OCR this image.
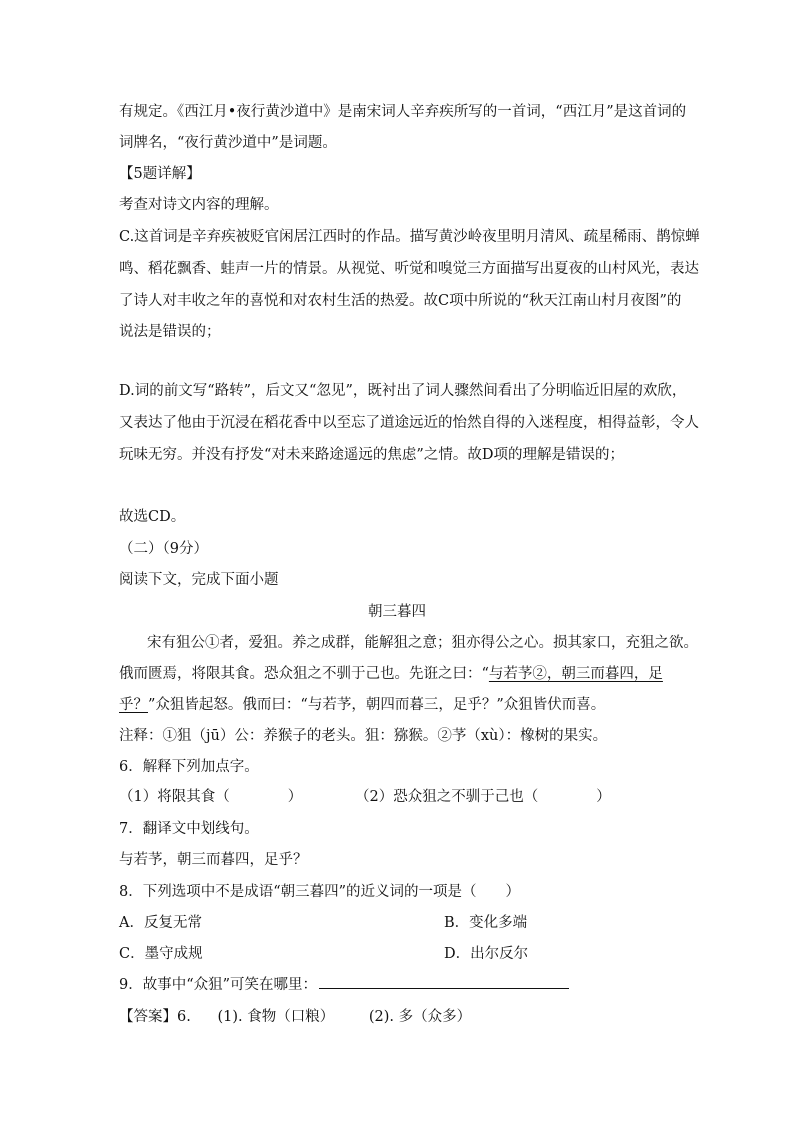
有规定。《西江月•夜行黄沙道中》是南宋词人辛弃疾所写的一首词，“西江月”是这首词的
词牌名，“夜行黄沙道中”是词题。
【5题详解】
考查对诗文内容的理解。
C.这首词是辛弃疾被贬官闲居江西时的作品。描写黄沙岭夜里明月清风、疏星稀雨、鹊惊蝉
鸣、稻花飘香、蛙声一片的情景。从视觉、听觉和嗅觉三方面描写出夏夜的山村风光，表达
了诗人对丰收之年的喜悦和对农村生活的热爱。故C项中所说的“秋天江南山村月夜图”的
说法是错误的；
D.词的前文写“路转”，后文又“忽见”，既衬出了词人骤然间看出了分明临近旧屋的欢欣，
又表达了他由于沉浸在稻花香中以至忘了道途远近的怡然自得的入迷程度，相得益彰，令人
玩味无穷。并没有抒发“对未来路途遥远的焦虑”之情。故D项的理解是错误的；
故选CD。
（二）（9分）
阅读下文，完成下面小题
朝三暮四
宋有狙公①者，爱狙。养之成群，能解狙之意；狙亦得公之心。损其家口，充狙之欲。
俄而匮焉，将限其食。恐众狙之不驯于己也。先诳之曰：“与若芧②，朝三而暮四，足
乎？”众狙皆起怒。俄而曰：“与若芧，朝四而暮三，足乎？”众狙皆伏而喜。
注释：①狙（jū）公：养猴子的老头。狙：猕猴。②芧（xù）：橡树的果实。
6．解释下列加点字。
（1）将限其食（　　　　）	（2）恐众狙之不驯于己也（　　　　）
7．翻译文中划线句。
与若芧，朝三而暮四，足乎？
8．下列选项中不是成语“朝三暮四”的近义词的一项是（　　）
A．反复无常	B．变化多端
C．墨守成规	D．出尔反尔
9．故事中“众狙”可笑在哪里：
【答案】6. (1). 食物（口粮） (2). 多（众多）
